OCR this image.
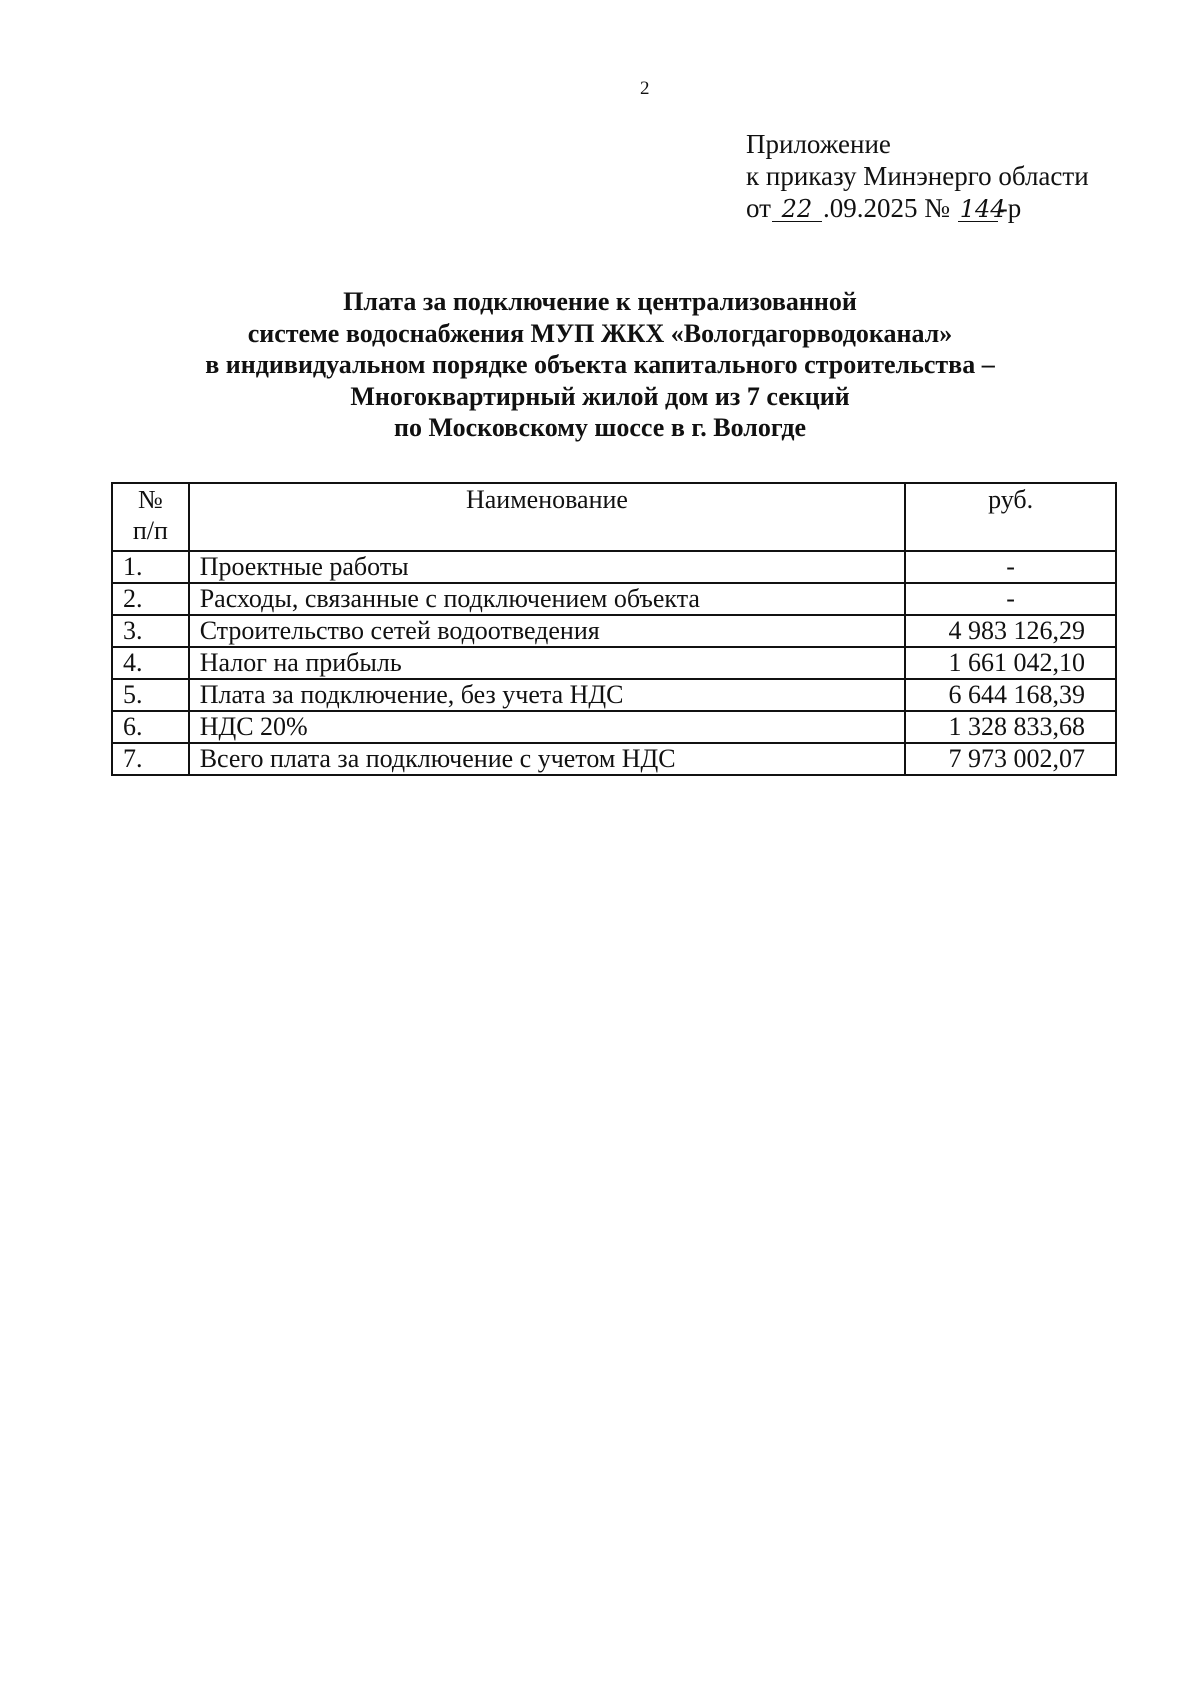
2
Приложение
к приказу Минэнерго области
от 22 .09.2025 № 144-р
Плата за подключение к централизованной
системе водоснабжения МУП ЖКХ «Вологдагорводоканал»
в индивидуальном порядке объекта капитального строительства –
Многоквартирный жилой дом из 7 секций
по Московскому шоссе в г. Вологде
№
п/п	Наименование	руб.
1.	Проектные работы	-
2.	Расходы, связанные с подключением объекта	-
3.	Строительство сетей водоотведения	4 983 126,29
4.	Налог на прибыль	1 661 042,10
5.	Плата за подключение, без учета НДС	6 644 168,39
6.	НДС 20%	1 328 833,68
7.	Всего плата за подключение с учетом НДС	7 973 002,07
